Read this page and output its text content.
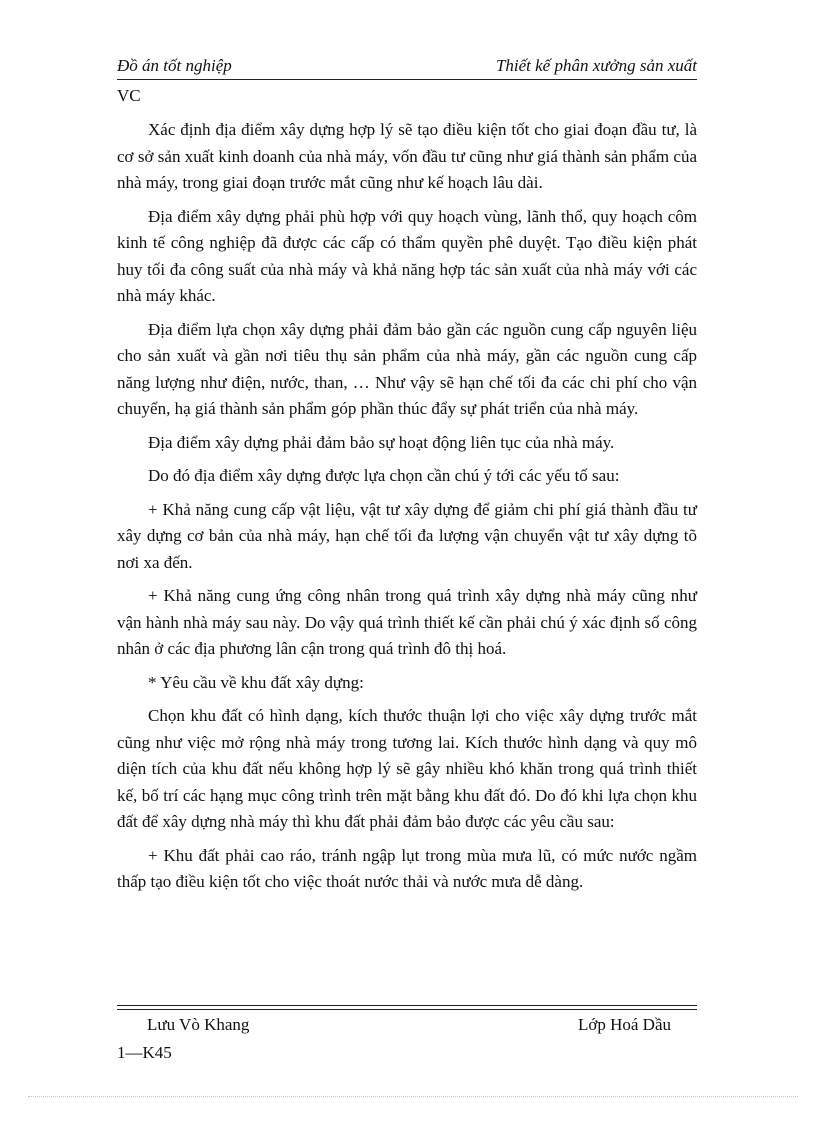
Đồ án tốt nghiệp	Thiết kế phân xưởng sản xuất
VC

Xác định địa điểm xây dựng hợp lý sẽ tạo điều kiện tốt cho giai đoạn đầu tư, là cơ sở sản xuất kinh doanh của nhà máy, vốn đầu tư cũng như giá thành sản phẩm của nhà máy, trong giai đoạn trước mắt cũng như kế hoạch lâu dài.

Địa điểm xây dựng phải phù hợp với quy hoạch vùng, lãnh thổ, quy hoạch côm kinh tế công nghiệp đã được các cấp có thẩm quyền phê duyệt. Tạo điều kiện phát huy tối đa công suất của nhà máy và khả năng hợp tác sản xuất của nhà máy với các nhà máy khác.

Địa điểm lựa chọn xây dựng phải đảm bảo gần các nguồn cung cấp nguyên liệu cho sản xuất và gần nơi tiêu thụ sản phẩm của nhà máy, gần các nguồn cung cấp năng lượng như điện, nước, than, … Như vậy sẽ hạn chế tối đa các chi phí cho vận chuyển, hạ giá thành sản phẩm góp phần thúc đẩy sự phát triển của nhà máy.

Địa điểm xây dựng phải đảm bảo sự hoạt động liên tục của nhà máy.

Do đó địa điểm xây dựng được lựa chọn cần chú ý tới các yếu tố sau:

+ Khả năng cung cấp vật liệu, vật tư xây dựng để giảm chi phí giá thành đầu tư xây dựng cơ bản của nhà máy, hạn chế tối đa lượng vận chuyển vật tư xây dựng tõ nơi xa đến.

+ Khả năng cung ứng công nhân trong quá trình xây dựng nhà máy cũng như vận hành nhà máy sau này. Do vậy quá trình thiết kế cần phải chú ý xác định số công nhân ở các địa phương lân cận trong quá trình đô thị hoá.

* Yêu cầu về khu đất xây dựng:

Chọn khu đất có hình dạng, kích thước thuận lợi cho việc xây dựng trước mắt cũng như việc mở rộng nhà máy trong tương lai. Kích thước hình dạng và quy mô diện tích của khu đất nếu không hợp lý sẽ gây nhiều khó khăn trong quá trình thiết kế, bố trí các hạng mục công trình trên mặt bằng khu đất đó. Do đó khi lựa chọn khu đất để xây dựng nhà máy thì khu đất phải đảm bảo được các yêu cầu sau:

+ Khu đất phải cao ráo, tránh ngập lụt trong mùa mưa lũ, có mức nước ngầm thấp tạo điều kiện tốt cho việc thoát nước thải và nước mưa dễ dàng.

Lưu Vò Khang	Lớp Hoá Dầu
1—K45
